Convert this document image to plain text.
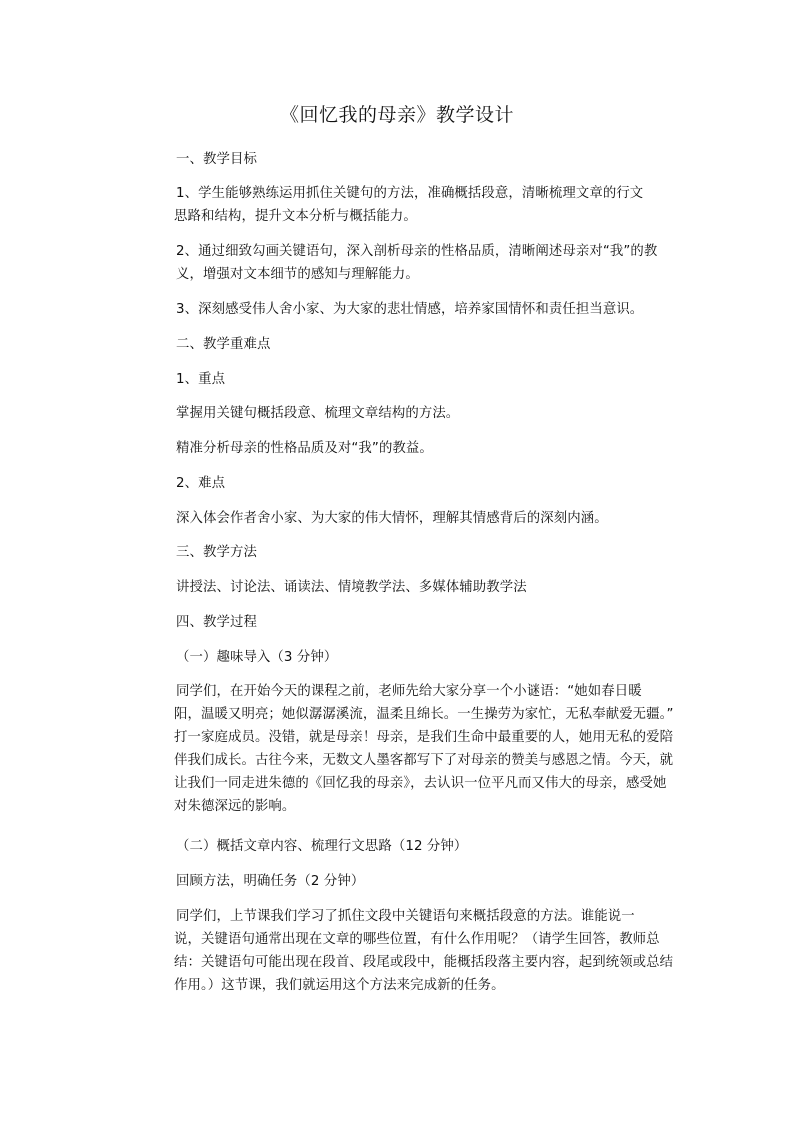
《回忆我的母亲》教学设计
一、教学目标
1、学生能够熟练运用抓住关键句的方法，准确概括段意，清晰梳理文章的行文
思路和结构，提升文本分析与概括能力。
2、通过细致勾画关键语句，深入剖析母亲的性格品质，清晰阐述母亲对“我”的教
义，增强对文本细节的感知与理解能力。
3、深刻感受伟人舍小家、为大家的悲壮情感，培养家国情怀和责任担当意识。
二、教学重难点
1、重点
掌握用关键句概括段意、梳理文章结构的方法。
精准分析母亲的性格品质及对“我”的教益。
2、难点
深入体会作者舍小家、为大家的伟大情怀，理解其情感背后的深刻内涵。
三、教学方法
讲授法、讨论法、诵读法、情境教学法、多媒体辅助教学法
四、教学过程
（一）趣味导入（3 分钟）
同学们，在开始今天的课程之前，老师先给大家分享一个小谜语：“她如春日暖
阳，温暖又明亮；她似潺潺溪流，温柔且绵长。一生操劳为家忙，无私奉献爱无疆。”
打一家庭成员。没错，就是母亲！母亲，是我们生命中最重要的人，她用无私的爱陪
伴我们成长。古往今来，无数文人墨客都写下了对母亲的赞美与感恩之情。今天，就
让我们一同走进朱德的《回忆我的母亲》，去认识一位平凡而又伟大的母亲，感受她
对朱德深远的影响。
（二）概括文章内容、梳理行文思路（12 分钟）
回顾方法，明确任务（2 分钟）
同学们，上节课我们学习了抓住文段中关键语句来概括段意的方法。谁能说一
说，关键语句通常出现在文章的哪些位置，有什么作用呢？（请学生回答，教师总
结：关键语句可能出现在段首、段尾或段中，能概括段落主要内容，起到统领或总结
作用。）这节课，我们就运用这个方法来完成新的任务。
